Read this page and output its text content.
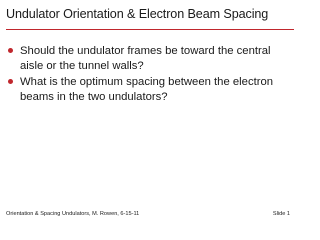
Undulator Orientation & Electron Beam Spacing
Should the undulator frames be toward the central aisle or the tunnel walls?
What is the optimum spacing between the electron beams in the two undulators?
Orientation & Spacing Undulators, M. Rowen, 6-15-11	Slide 1
